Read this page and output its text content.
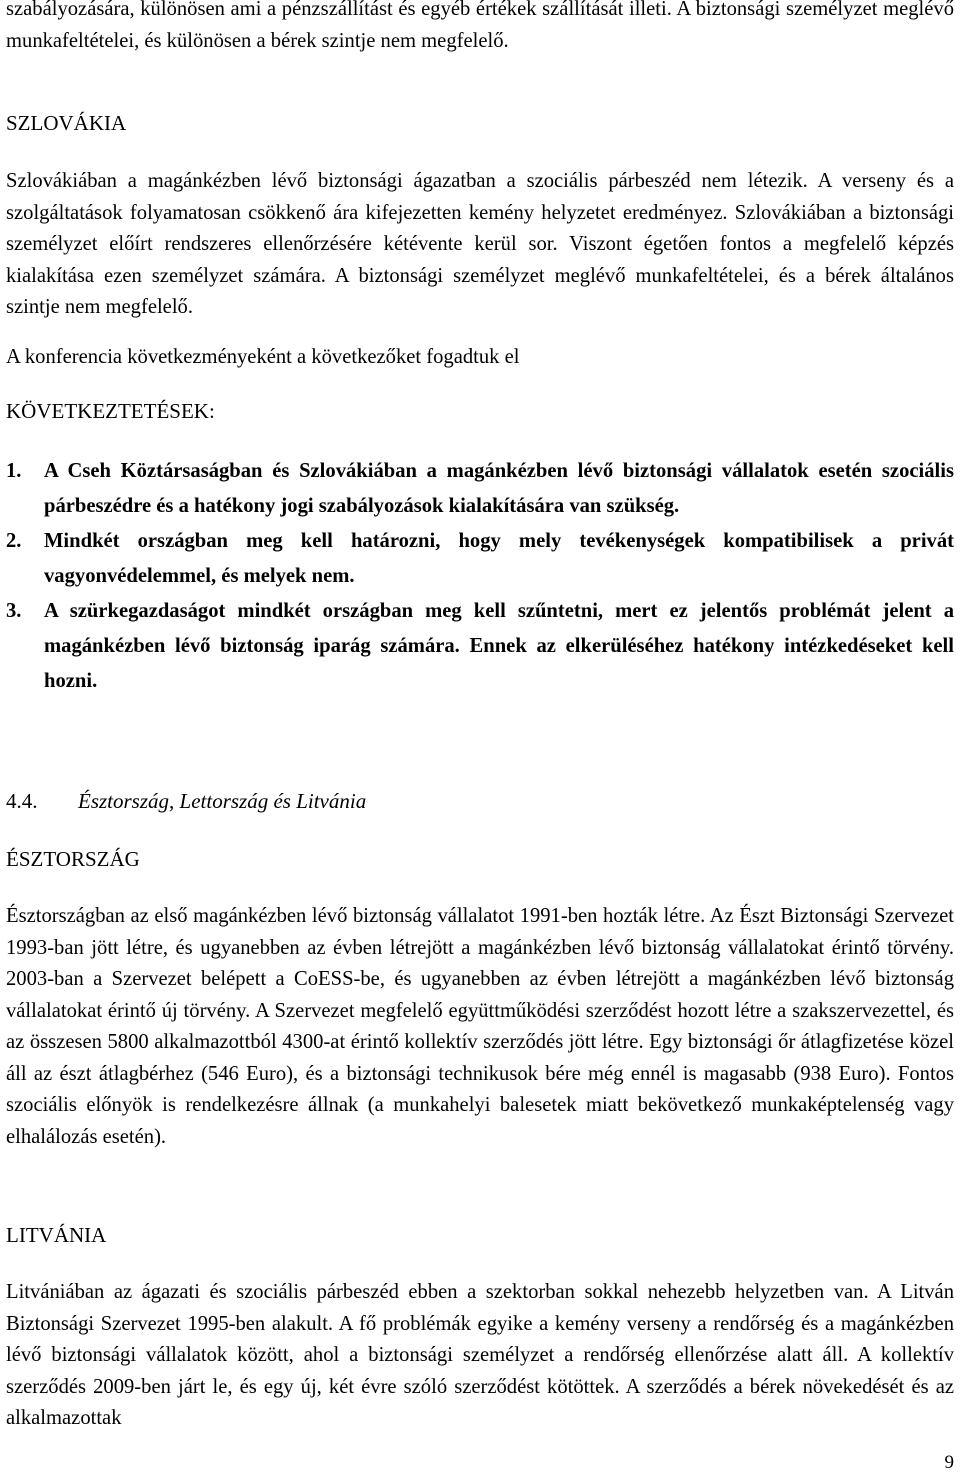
szabályozására, különösen ami a pénzszállítást és egyéb értékek szállítását illeti. A biztonsági személyzet meglévő munkafeltételei, és különösen a bérek szintje nem megfelelő.

SZLOVÁKIA

Szlovákiában a magánkézben lévő biztonsági ágazatban a szociális párbeszéd nem létezik. A verseny és a szolgáltatások folyamatosan csökkenő ára kifejezetten kemény helyzetet eredményez. Szlovákiában a biztonsági személyzet előírt rendszeres ellenőrzésére kétévente kerül sor. Viszont égetően fontos a megfelelő képzés kialakítása ezen személyzet számára. A biztonsági személyzet meglévő munkafeltételei, és a bérek általános szintje nem megfelelő.

A konferencia következményeként a következőket fogadtuk el

KÖVETKEZTETÉSEK:

1. A Cseh Köztársaságban és Szlovákiában a magánkézben lévő biztonsági vállalatok esetén szociális párbeszédre és a hatékony jogi szabályozások kialakítására van szükség.
2. Mindkét országban meg kell határozni, hogy mely tevékenységek kompatibilisek a privát vagyonvédelemmel, és melyek nem.
3. A szürkegazdaságot mindkét országban meg kell szűntetni, mert ez jelentős problémát jelent a magánkézben lévő biztonság iparág számára. Ennek az elkerüléséhez hatékony intézkedéseket kell hozni.

4.4. Észtország, Lettország és Litvánia

ÉSZTORSZÁG

Észtországban az első magánkézben lévő biztonság vállalatot 1991-ben hozták létre. Az Észt Biztonsági Szervezet 1993-ban jött létre, és ugyanebben az évben létrejött a magánkézben lévő biztonság vállalatokat érintő törvény. 2003-ban a Szervezet belépett a CoESS-be, és ugyanebben az évben létrejött a magánkézben lévő biztonság vállalatokat érintő új törvény. A Szervezet megfelelő együttműködési szerződést hozott létre a szakszervezettel, és az összesen 5800 alkalmazottból 4300-at érintő kollektív szerződés jött létre. Egy biztonsági őr átlagfizetése közel áll az észt átlagbérhez (546 Euro), és a biztonsági technikusok bére még ennél is magasabb (938 Euro). Fontos szociális előnyök is rendelkezésre állnak (a munkahelyi balesetek miatt bekövetkező munkaképtelenség vagy elhalálozás esetén).

LITVÁNIA

Litvániában az ágazati és szociális párbeszéd ebben a szektorban sokkal nehezebb helyzetben van. A Litván Biztonsági Szervezet 1995-ben alakult. A fő problémák egyike a kemény verseny a rendőrség és a magánkézben lévő biztonsági vállalatok között, ahol a biztonsági személyzet a rendőrség ellenőrzése alatt áll. A kollektív szerződés 2009-ben járt le, és egy új, két évre szóló szerződést kötöttek. A szerződés a bérek növekedését és az alkalmazottak

9
